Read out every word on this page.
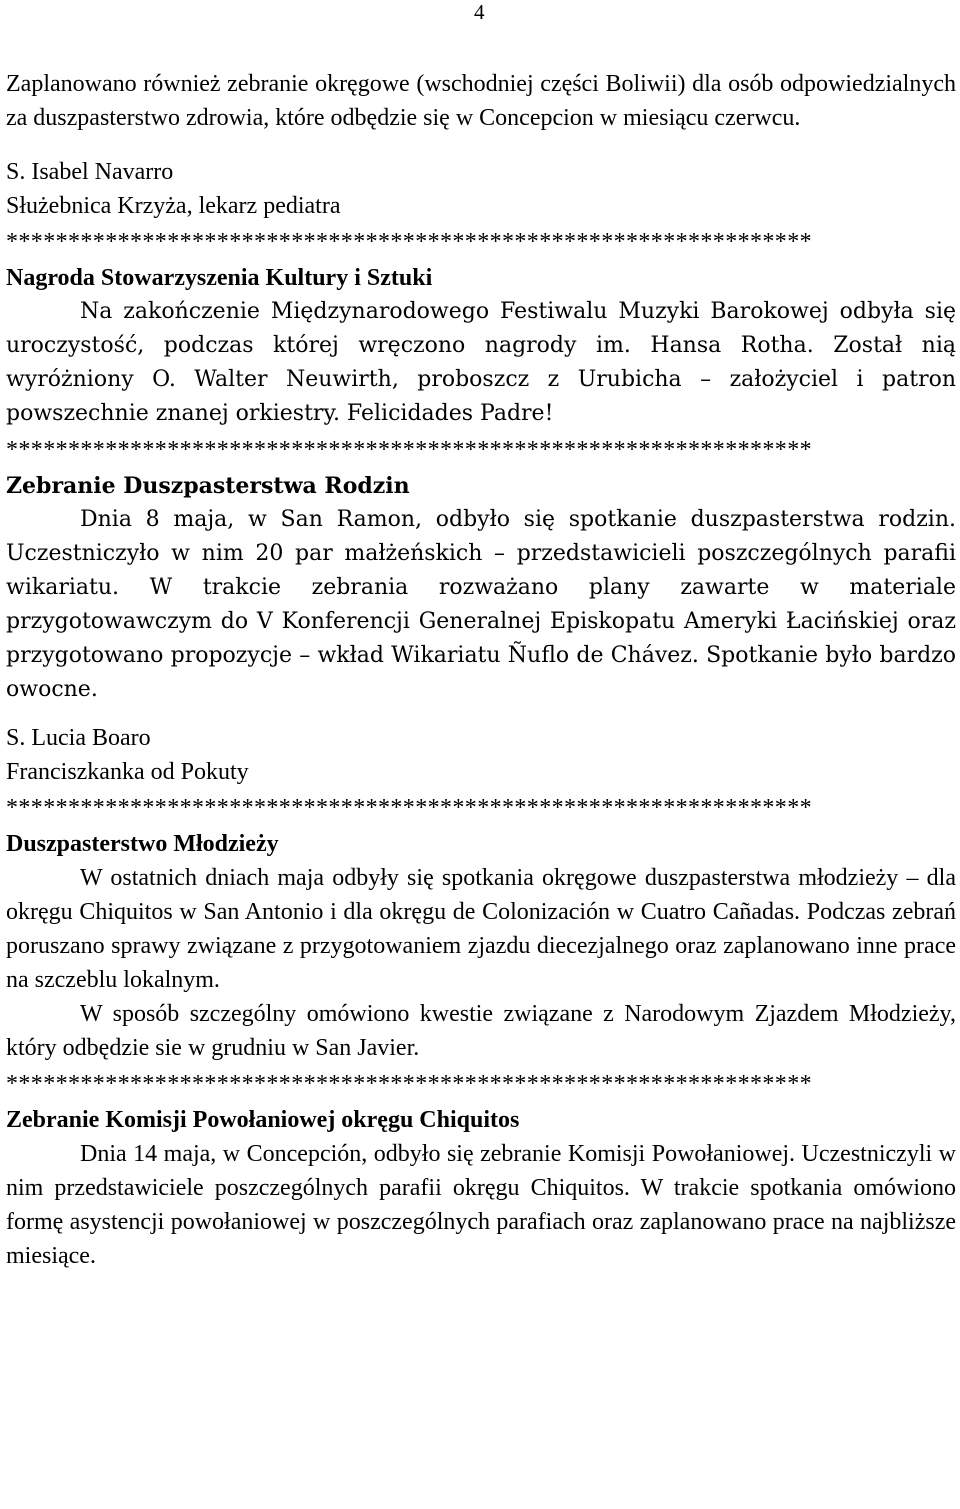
4

Zaplanowano również zebranie okręgowe (wschodniej części Boliwii) dla osób odpowiedzialnych za duszpasterstwo zdrowia, które odbędzie się w Concepcion w miesiącu czerwcu.

S. Isabel Navarro
Służebnica Krzyża, lekarz pediatra
*****************************************************************
Nagroda Stowarzyszenia Kultury i Sztuki

Na zakończenie Międzynarodowego Festiwalu Muzyki Barokowej odbyła się uroczystość, podczas której wręczono nagrody im. Hansa Rotha. Został nią wyróżniony O. Walter Neuwirth, proboszcz z Urubicha – założyciel i patron powszechnie znanej orkiestry. Felicidades Padre!

*****************************************************************
Zebranie Duszpasterstwa Rodzin

Dnia 8 maja, w San Ramon, odbyło się spotkanie duszpasterstwa rodzin. Uczestniczyło w nim 20 par małżeńskich – przedstawicieli poszczególnych parafii wikariatu. W trakcie zebrania rozważano plany zawarte w materiale przygotowawczym do V Konferencji Generalnej Episkopatu Ameryki Łacińskiej oraz przygotowano propozycje – wkład Wikariatu Ñuflo de Chávez. Spotkanie było bardzo owocne.

S. Lucia Boaro
Franciszkanka od Pokuty
*****************************************************************
Duszpasterstwo Młodzieży

W ostatnich dniach maja odbyły się spotkania okręgowe duszpasterstwa młodzieży – dla okręgu Chiquitos w San Antonio i dla okręgu de Colonización w Cuatro Cañadas. Podczas zebrań poruszano sprawy związane z przygotowaniem zjazdu diecezjalnego oraz zaplanowano inne prace na szczeblu lokalnym.

W sposób szczególny omówiono kwestie związane z Narodowym Zjazdem Młodzieży, który odbędzie sie w grudniu w San Javier.

*****************************************************************
Zebranie Komisji Powołaniowej okręgu Chiquitos

Dnia 14 maja, w Concepción, odbyło się zebranie Komisji Powołaniowej. Uczestniczyli w nim przedstawiciele poszczególnych parafii okręgu Chiquitos. W trakcie spotkania omówiono formę asystencji powołaniowej w poszczególnych parafiach oraz zaplanowano prace na najbliższe miesiące.
